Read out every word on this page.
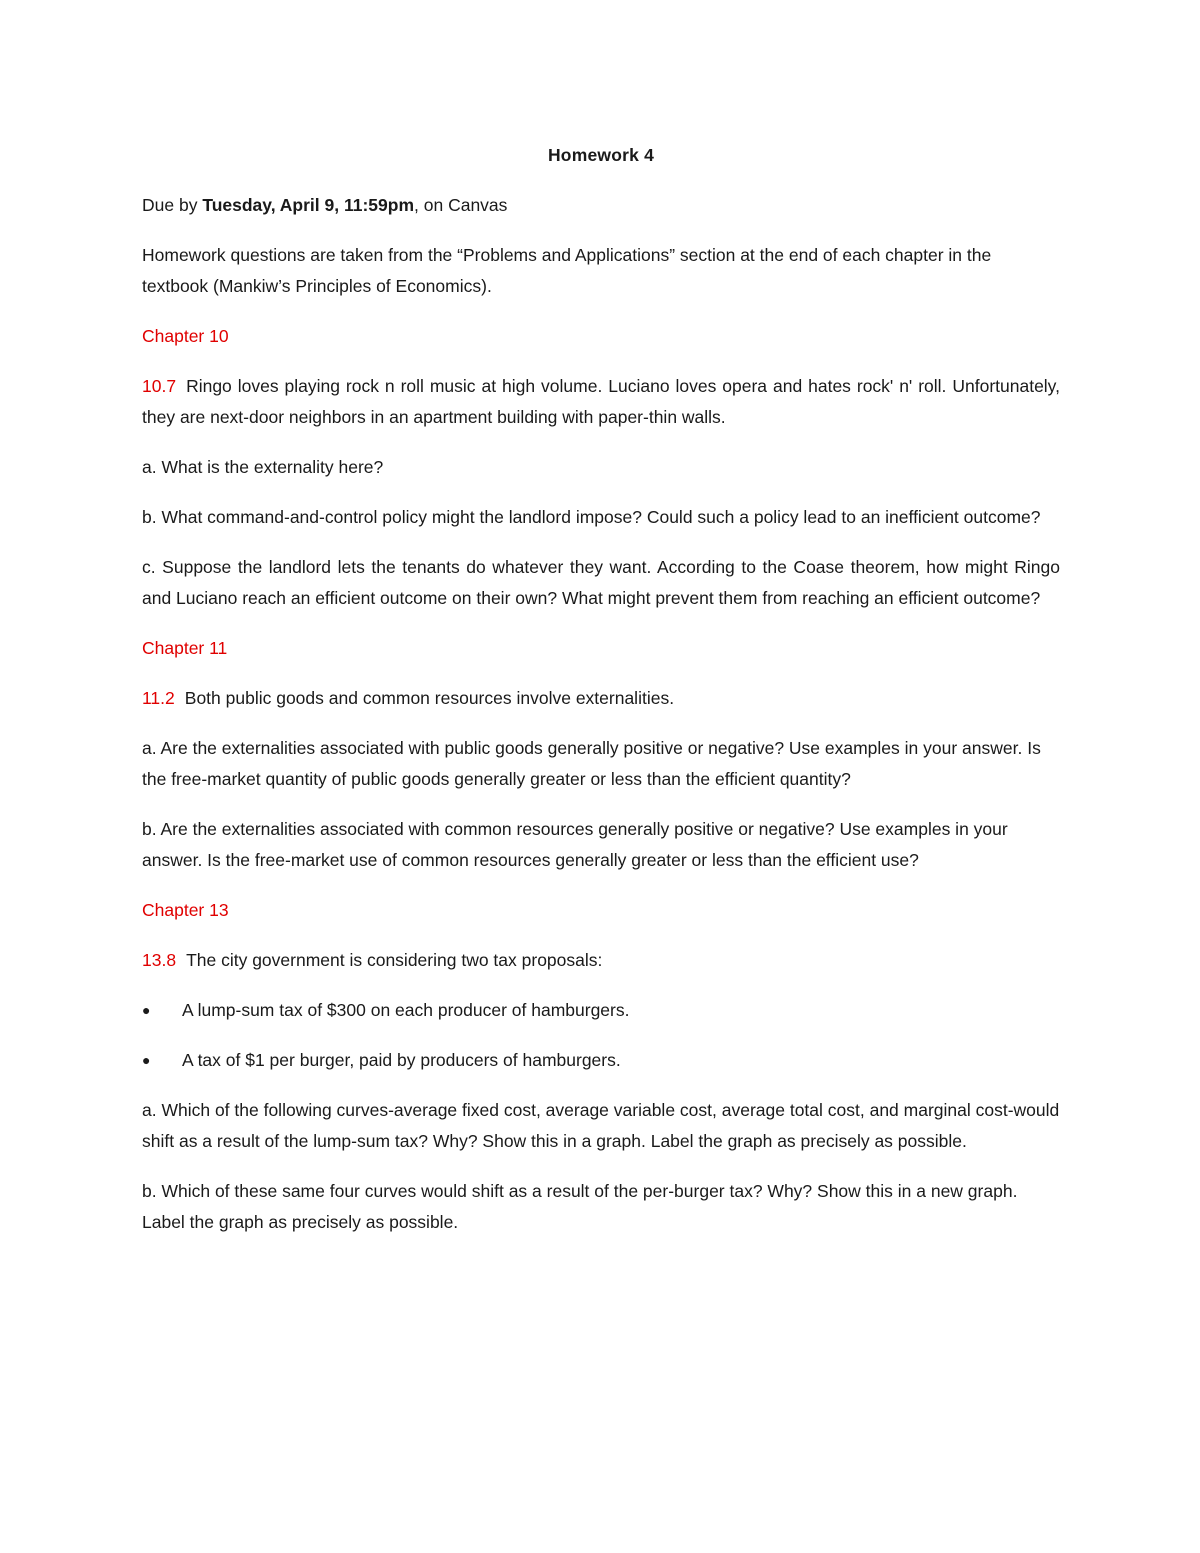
Homework 4

Due by Tuesday, April 9, 11:59pm, on Canvas

Homework questions are taken from the “Problems and Applications” section at the end of each chapter in the textbook (Mankiw’s Principles of Economics).

Chapter 10

10.7 Ringo loves playing rock n roll music at high volume. Luciano loves opera and hates rock' n' roll. Unfortunately, they are next-door neighbors in an apartment building with paper-thin walls.

a. What is the externality here?

b. What command-and-control policy might the landlord impose? Could such a policy lead to an inefficient outcome?

c. Suppose the landlord lets the tenants do whatever they want. According to the Coase theorem, how might Ringo and Luciano reach an efficient outcome on their own? What might prevent them from reaching an efficient outcome?

Chapter 11

11.2 Both public goods and common resources involve externalities.

a. Are the externalities associated with public goods generally positive or negative? Use examples in your answer. Is the free-market quantity of public goods generally greater or less than the efficient quantity?

b. Are the externalities associated with common resources generally positive or negative? Use examples in your answer. Is the free-market use of common resources generally greater or less than the efficient use?

Chapter 13

13.8 The city government is considering two tax proposals:

● A lump-sum tax of $300 on each producer of hamburgers.
● A tax of $1 per burger, paid by producers of hamburgers.

a. Which of the following curves-average fixed cost, average variable cost, average total cost, and marginal cost-would shift as a result of the lump-sum tax? Why? Show this in a graph. Label the graph as precisely as possible.

b. Which of these same four curves would shift as a result of the per-burger tax? Why? Show this in a new graph. Label the graph as precisely as possible.
